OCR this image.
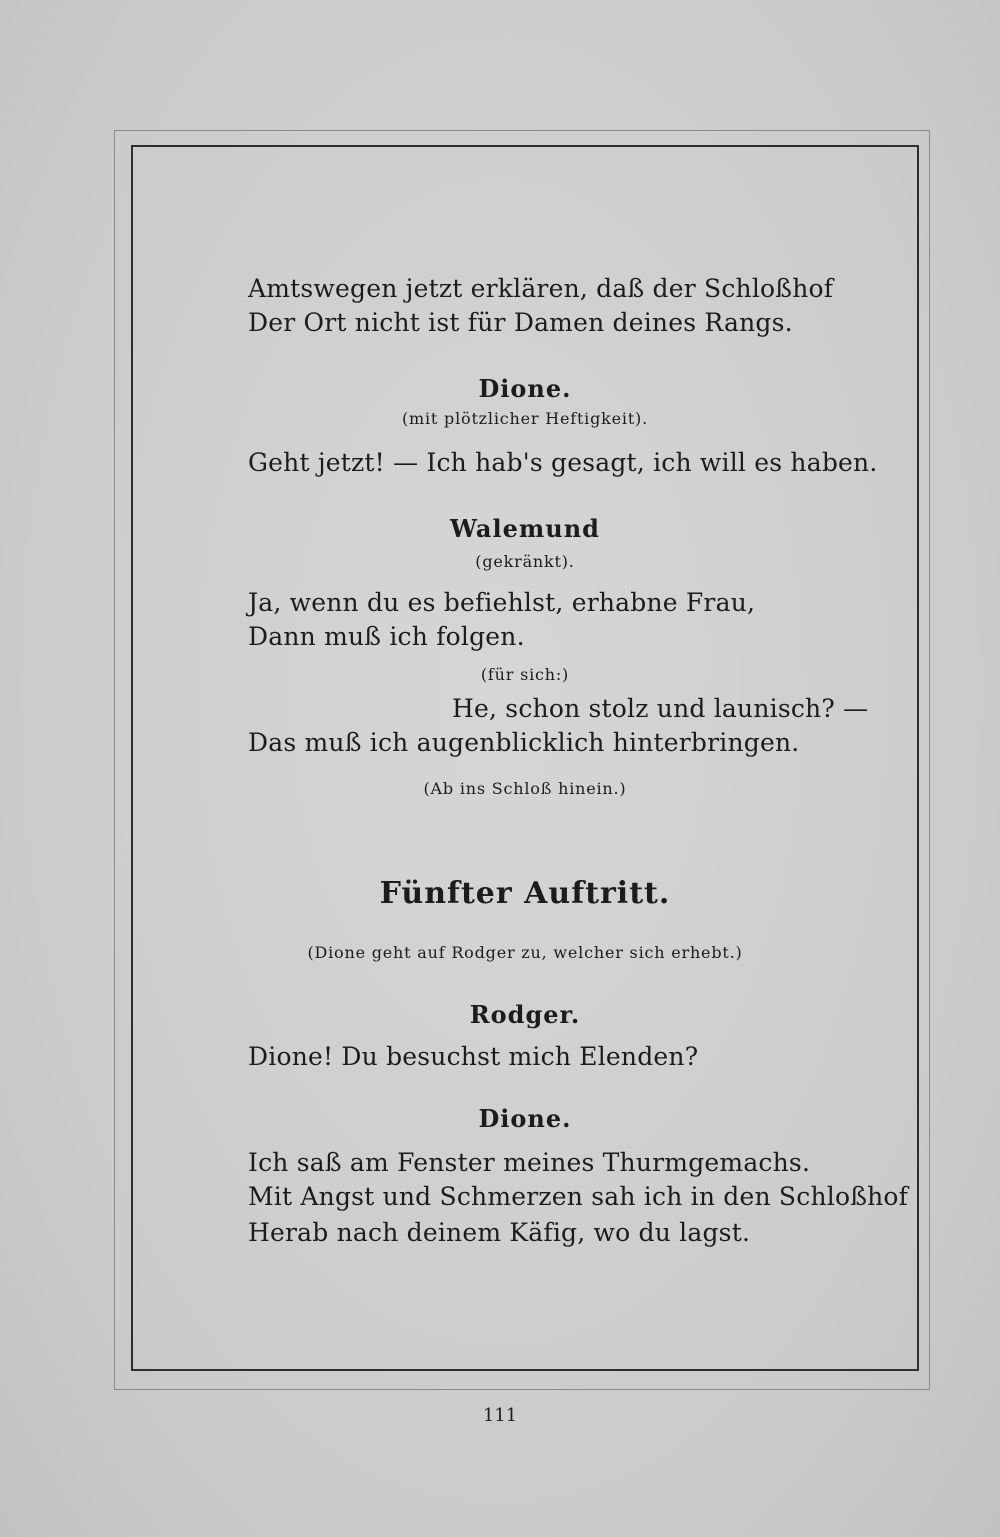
Amtswegen jetzt erklären, daß der Schloßhof
Der Ort nicht ist für Damen deines Rangs.
Dione.
(mit plötzlicher Heftigkeit).
Geht jetzt! — Ich hab's gesagt, ich will es haben.
Walemund
(gekränkt).
Ja, wenn du es befiehlst, erhabne Frau,
Dann muß ich folgen.
(für sich:)
He, schon stolz und launisch? —
Das muß ich augenblicklich hinterbringen.
(Ab ins Schloß hinein.)
Fünfter Auftritt.
(Dione geht auf Rodger zu, welcher sich erhebt.)
Rodger.
Dione! Du besuchst mich Elenden?
Dione.
Ich saß am Fenster meines Thurmgemachs.
Mit Angst und Schmerzen sah ich in den Schloßhof
Herab nach deinem Käfig, wo du lagst.
111
